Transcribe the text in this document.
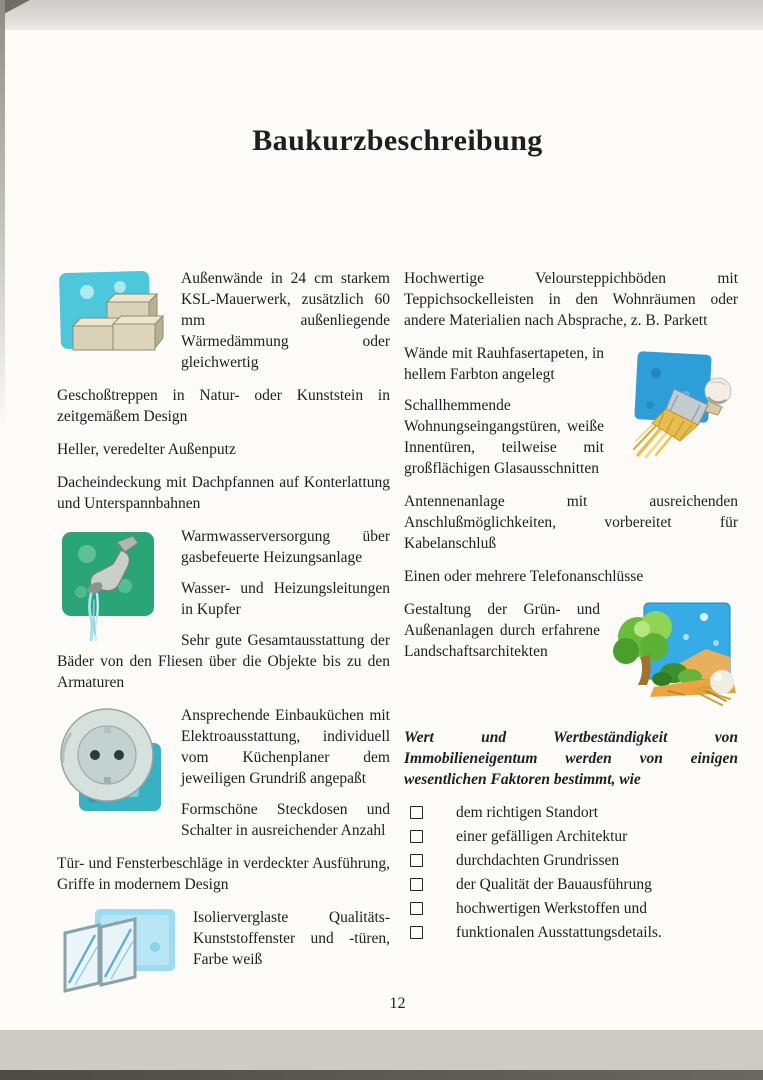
Baukurzbeschreibung

Außenwände in 24 cm starkem KSL-Mauerwerk, zusätzlich 60 mm außenliegende Wärmedämmung oder gleichwertig

Geschoßtreppen in Natur- oder Kunststein in zeitgemäßem Design

Heller, veredelter Außenputz

Dacheindeckung mit Dachpfannen auf Konterlattung und Unterspannbahnen

Warmwasserversorgung über gasbefeuerte Heizungsanlage

Wasser- und Heizungsleitungen in Kupfer

Sehr gute Gesamtausstattung der Bäder von den Fliesen über die Objekte bis zu den Armaturen

Ansprechende Einbauküchen mit Elektroausstattung, individuell vom Küchenplaner dem jeweiligen Grundriß angepaßt

Formschöne Steckdosen und Schalter in ausreichender Anzahl

Tür- und Fensterbeschläge in verdeckter Ausführung, Griffe in modernem Design

Isolierverglaste Qualitäts-Kunststoffenster und -türen, Farbe weiß

Hochwertige Veloursteppichböden mit Teppichsockelleisten in den Wohnräumen oder andere Materialien nach Absprache, z. B. Parkett

Wände mit Rauhfasertapeten, in hellem Farbton angelegt

Schallhemmende Wohnungseingangstüren, weiße Innentüren, teilweise mit großflächigen Glasausschnitten

Antennenanlage mit ausreichenden Anschlußmöglichkeiten, vorbereitet für Kabelanschluß

Einen oder mehrere Telefonanschlüsse

Gestaltung der Grün- und Außenanlagen durch erfahrene Landschaftsarchitekten

Wert und Wertbeständigkeit von Immobilieneigentum werden von einigen wesentlichen Faktoren bestimmt, wie

dem richtigen Standort
einer gefälligen Architektur
durchdachten Grundrissen
der Qualität der Bauausführung
hochwertigen Werkstoffen und
funktionalen Ausstattungsdetails.
12
